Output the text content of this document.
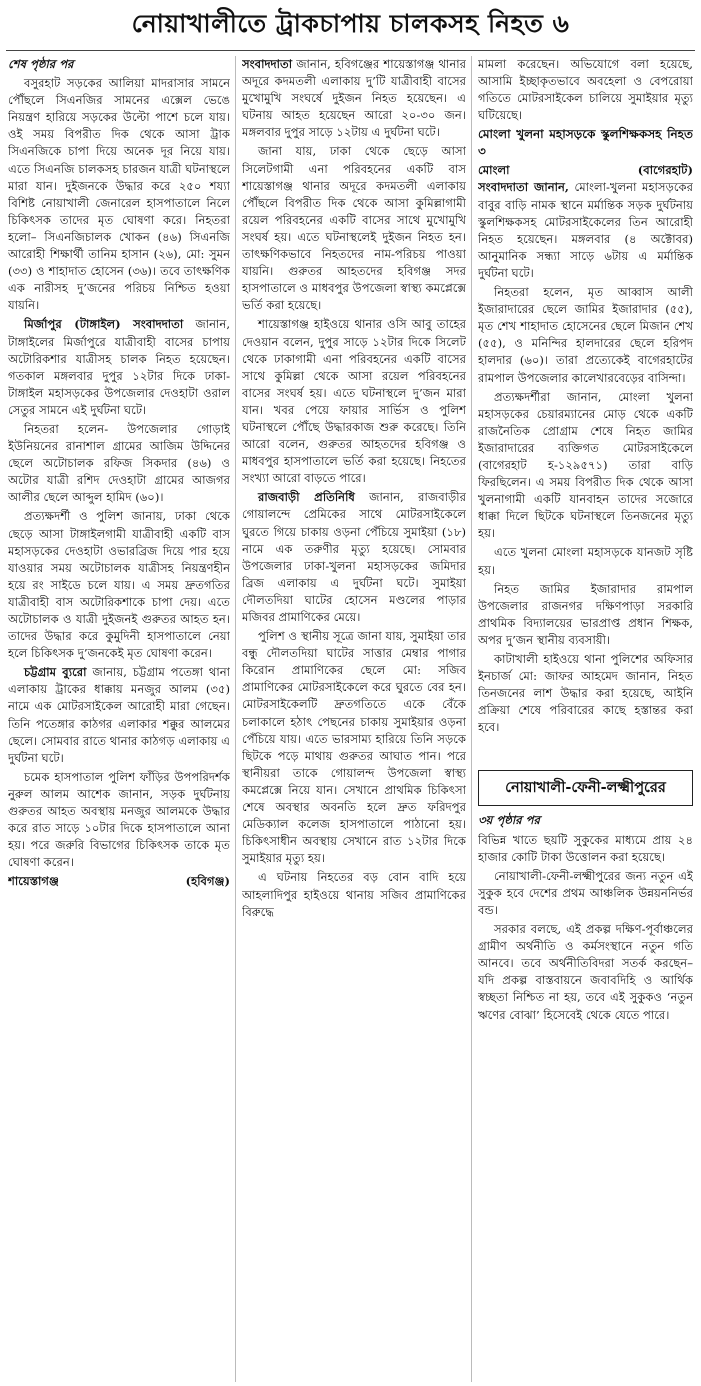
নোয়াখালীতে ট্রাকচাপায় চালকসহ নিহত ৬

শেষ পৃষ্ঠার পর

বসুরহাট সড়কের আলিয়া মাদরাসার সামনে পৌঁছলে সিএনজির সামনের এক্সেল ভেঙে নিয়ন্ত্রণ হারিয়ে সড়কের উল্টো পাশে চলে যায়। ওই সময় বিপরীত দিক থেকে আসা ট্রাক সিএনজিকে চাপা দিয়ে অনেক দূর নিয়ে যায়। এতে সিএনজি চালকসহ চারজন যাত্রী ঘটনাস্থলে মারা যান। দুইজনকে উদ্ধার করে ২৫০ শয্যা বিশিষ্ট নোয়াখালী জেনারেল হাসপাতালে নিলে চিকিৎসক তাদের মৃত ঘোষণা করে। নিহতরা হলো– সিএনজিচালক খোকন (৪৬) সিএনজি আরোহী শিক্ষার্থী তানিম হাসান (২৬), মো: সুমন (৩৩) ও শাহাদাত হোসেন (৩৬)। তবে তাৎক্ষণিক এক নারীসহ দু’জনের পরিচয় নিশ্চিত হওয়া যায়নি।

মির্জাপুর (টাঙ্গাইল) সংবাদদাতা জানান, টাঙ্গাইলের মির্জাপুরে যাত্রীবাহী বাসের চাপায় অটোরিকশার যাত্রীসহ চালক নিহত হয়েছেন। গতকাল মঙ্গলবার দুপুর ১২টার দিকে ঢাকা-টাঙ্গাইল মহাসড়কের উপজেলার দেওহাটা ওরাল সেতুর সামনে এই দুর্ঘটনা ঘটে।

নিহতরা হলেন- উপজেলার গোড়াই ইউনিয়নের রানাশাল গ্রামের আজিম উদ্দিনের ছেলে অটোচালক রফিজ সিকদার (৪৬) ও অটোর যাত্রী রশিদ দেওহাটা গ্রামের আজগর আলীর ছেলে আব্দুল হামিদ (৬০)।

প্রত্যক্ষদর্শী ও পুলিশ জানায়, ঢাকা থেকে ছেড়ে আসা টাঙ্গাইলগামী যাত্রীবাহী একটি বাস মহাসড়কের দেওহাটা ওভারব্রিজ দিয়ে পার হয়ে যাওয়ার সময় অটোচালক যাত্রীসহ নিয়ন্ত্রণহীন হয়ে রং সাইডে চলে যায়। এ সময় দ্রুতগতির যাত্রীবাহী বাস অটোরিকশাকে চাপা দেয়। এতে অটোচালক ও যাত্রী দুইজনই গুরুতর আহত হন। তাদের উদ্ধার করে কুমুদিনী হাসপাতালে নেয়া হলে চিকিৎসক দু’জনকেই মৃত ঘোষণা করেন।

চট্টগ্রাম ব্যুরো জানায়, চট্টগ্রাম পতেঙ্গা থানা এলাকায় ট্রাকের ধাক্কায় মনজুর আলম (৩৫) নামে এক মোটরসাইকেল আরোহী মারা গেছেন। তিনি পতেঙ্গার কাঠগর এলাকার শক্কুর আলমের ছেলে। সোমবার রাতে থানার কাঠগড় এলাকায় এ দুর্ঘটনা ঘটে।

চমেক হাসপাতাল পুলিশ ফাঁড়ির উপপরিদর্শক নুরুল আলম আশেক জানান, সড়ক দুর্ঘটনায় গুরুতর আহত অবস্থায় মনজুর আলমকে উদ্ধার করে রাত সাড়ে ১০টার দিকে হাসপাতালে আনা হয়। পরে জরুরি বিভাগের চিকিৎসক তাকে মৃত ঘোষণা করেন।

শায়েস্তাগঞ্জ	(হবিগঞ্জ)

সংবাদদাতা জানান, হবিগঞ্জের শায়েস্তাগঞ্জ থানার অদূরে কদমতলী এলাকায় দু’টি যাত্রীবাহী বাসের মুখোমুখি সংঘর্ষে দুইজন নিহত হয়েছেন। এ ঘটনায় আহত হয়েছেন আরো ২০-৩০ জন। মঙ্গলবার দুপুর সাড়ে ১২টায় এ দুর্ঘটনা ঘটে।

জানা যায়, ঢাকা থেকে ছেড়ে আসা সিলেটগামী এনা পরিবহনের একটি বাস শায়েস্তাগঞ্জ থানার অদূরে কদমতলী এলাকায় পৌঁছলে বিপরীত দিক থেকে আসা কুমিল্লাগামী রয়েল পরিবহনের একটি বাসের সাথে মুখোমুখি সংঘর্ষ হয়। এতে ঘটনাস্থলেই দুইজন নিহত হন। তাৎক্ষণিকভাবে নিহতদের নাম-পরিচয় পাওয়া যায়নি। গুরুতর আহতদের হবিগঞ্জ সদর হাসপাতালে ও মাধবপুর উপজেলা স্বাস্থ্য কমপ্লেক্সে ভর্তি করা হয়েছে।

শায়েস্তাগঞ্জ হাইওয়ে থানার ওসি আবু তাহের দেওয়ান বলেন, দুপুর সাড়ে ১২টার দিকে সিলেট থেকে ঢাকাগামী এনা পরিবহনের একটি বাসের সাথে কুমিল্লা থেকে আসা রয়েল পরিবহনের বাসের সংঘর্ষ হয়। এতে ঘটনাস্থলে দু’জন মারা যান। খবর পেয়ে ফায়ার সার্ভিস ও পুলিশ ঘটনাস্থলে পৌঁছে উদ্ধারকাজ শুরু করেছে। তিনি আরো বলেন, গুরুতর আহতদের হবিগঞ্জ ও মাধবপুর হাসপাতালে ভর্তি করা হয়েছে। নিহতের সংখ্যা আরো বাড়তে পারে।

রাজবাড়ী প্রতিনিধি জানান, রাজবাড়ীর গোয়ালন্দে প্রেমিকের সাথে মোটরসাইকেলে ঘুরতে গিয়ে চাকায় ওড়না পেঁচিয়ে সুমাইয়া (১৮) নামে এক তরুণীর মৃত্যু হয়েছে। সোমবার উপজেলার ঢাকা-খুলনা মহাসড়কের জমিদার ব্রিজ এলাকায় এ দুর্ঘটনা ঘটে। সুমাইয়া দৌলতদিয়া ঘাটের হোসেন মণ্ডলের পাড়ার মজিবর প্রামাণিকের মেয়ে।

পুলিশ ও স্থানীয় সূত্রে জানা যায়, সুমাইয়া তার বন্ধু দৌলতদিয়া ঘাটের সাত্তার মেম্বার পাগার কিরোন প্রামাণিকের ছেলে মো: সজিব প্রামাণিকের মোটরসাইকেলে করে ঘুরতে বের হন। মোটরসাইকেলটি দ্রুতগতিতে একে বেঁকে চলাকালে হঠাৎ পেছনের চাকায় সুমাইয়ার ওড়না পেঁচিয়ে যায়। এতে ভারসাম্য হারিয়ে তিনি সড়কে ছিটকে পড়ে মাথায় গুরুতর আঘাত পান। পরে স্থানীয়রা তাকে গোয়ালন্দ উপজেলা স্বাস্থ্য কমপ্লেক্সে নিয়ে যান। সেখানে প্রাথমিক চিকিৎসা শেষে অবস্থার অবনতি হলে দ্রুত ফরিদপুর মেডিক্যাল কলেজ হাসপাতালে পাঠানো হয়। চিকিৎসাধীন অবস্থায় সেখানে রাত ১২টার দিকে সুমাইয়ার মৃত্যু হয়।

এ ঘটনায় নিহতের বড় বোন বাদি হয়ে আহলাদিপুর হাইওয়ে থানায় সজিব প্রামাণিকের বিরুদ্ধে

মামলা করেছেন। অভিযোগে বলা হয়েছে, আসামি ইচ্ছাকৃতভাবে অবহেলা ও বেপরোয়া গতিতে মোটরসাইকেল চালিয়ে সুমাইয়ার মৃত্যু ঘটিয়েছে।

মোংলা খুলনা মহাসড়কে স্কুলশিক্ষকসহ নিহত ৩
মোংলা	(বাগেরহাট)

সংবাদদাতা জানান, মোংলা-খুলনা মহাসড়কের বাবুর বাড়ি নামক স্থানে মর্মান্তিক সড়ক দুর্ঘটনায় স্কুলশিক্ষকসহ মোটরসাইকেলের তিন আরোহী নিহত হয়েছেন। মঙ্গলবার (৪ অক্টোবর) আনুমানিক সন্ধ্যা সাড়ে ৬টায় এ মর্মান্তিক দুর্ঘটনা ঘটে।

নিহতরা হলেন, মৃত আব্বাস আলী ইজারাদারের ছেলে জামির ইজারাদার (৫৫), মৃত শেখ শাহাদাত হোসেনের ছেলে মিজান শেখ (৫৫), ও মনিন্দির হালদারের ছেলে হরিপদ হালদার (৬০)। তারা প্রত্যেকেই বাগেরহাটের রামপাল উপজেলার কালেখারবেড়ের বাসিন্দা।

প্রত্যক্ষদর্শীরা জানান, মোংলা খুলনা মহাসড়কের চেয়ারম্যানের মোড় থেকে একটি রাজনৈতিক প্রোগ্রাম শেষে নিহত জামির ইজারাদারের ব্যক্তিগত মোটরসাইকেলে (বাগেরহাট হ-১২৯৫৭১) তারা বাড়ি ফিরছিলেন। এ সময় বিপরীত দিক থেকে আসা খুলনাগামী একটি যানবাহন তাদের সজোরে ধাক্কা দিলে ছিটকে ঘটনাস্থলে তিনজনের মৃত্যু হয়।

এতে খুলনা মোংলা মহাসড়কে যানজট সৃষ্টি হয়।

নিহত জামির ইজারাদার রামপাল উপজেলার রাজনগর দক্ষিণপাড়া সরকারি প্রাথমিক বিদ্যালয়ের ভারপ্রাপ্ত প্রধান শিক্ষক, অপর দু’জন স্থানীয় ব্যবসায়ী।

কাটাখালী হাইওয়ে থানা পুলিশের অফিসার ইনচার্জ মো: জাফর আহমেদ জানান, নিহত তিনজনের লাশ উদ্ধার করা হয়েছে, আইনি প্রক্রিয়া শেষে পরিবারের কাছে হস্তান্তর করা হবে।

নোয়াখালী-ফেনী-লক্ষ্মীপুরের

৩য় পৃষ্ঠার পর

বিভিন্ন খাতে ছয়টি সুকুকের মাধ্যমে প্রায় ২৪ হাজার কোটি টাকা উত্তোলন করা হয়েছে।

নোয়াখালী-ফেনী-লক্ষ্মীপুরের জন্য নতুন এই সুকুক হবে দেশের প্রথম আঞ্চলিক উন্নয়ননির্ভর বন্ড।

সরকার বলছে, এই প্রকল্প দক্ষিণ-পূর্বাঞ্চলের গ্রামীণ অর্থনীতি ও কর্মসংস্থানে নতুন গতি আনবে। তবে অর্থনীতিবিদরা সতর্ক করছেন–যদি প্রকল্প বাস্তবায়নে জবাবদিহি ও আর্থিক স্বচ্ছতা নিশ্চিত না হয়, তবে এই সুকুকও ‘নতুন ঋণের বোঝা’ হিসেবেই থেকে যেতে পারে।
